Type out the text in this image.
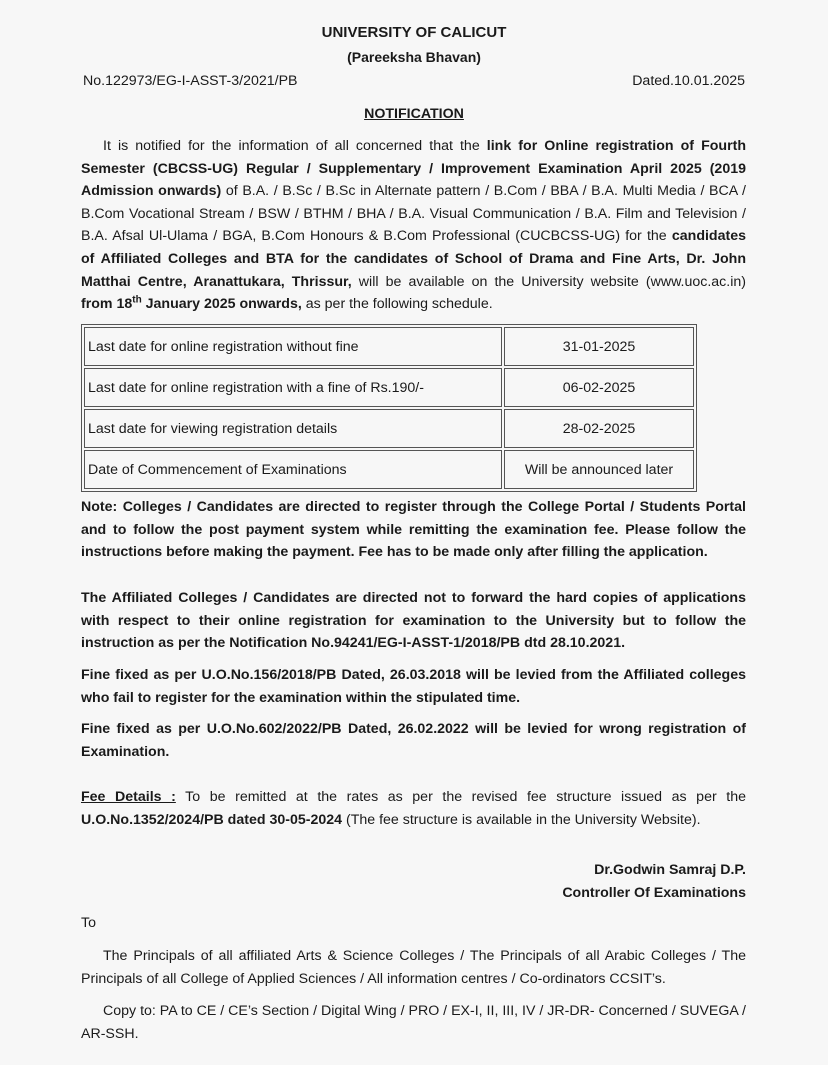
UNIVERSITY OF CALICUT
(Pareeksha Bhavan)
No.122973/EG-I-ASST-3/2021/PB	Dated.10.01.2025
NOTIFICATION
It is notified for the information of all concerned that the link for Online registration of Fourth Semester (CBCSS-UG) Regular / Supplementary / Improvement Examination April 2025 (2019 Admission onwards) of B.A. / B.Sc / B.Sc in Alternate pattern / B.Com / BBA / B.A. Multi Media / BCA / B.Com Vocational Stream / BSW / BTHM / BHA / B.A. Visual Communication / B.A. Film and Television / B.A. Afsal Ul-Ulama / BGA, B.Com Honours & B.Com Professional (CUCBCSS-UG) for the candidates of Affiliated Colleges and BTA for the candidates of School of Drama and Fine Arts, Dr. John Matthai Centre, Aranattukara, Thrissur, will be available on the University website (www.uoc.ac.in) from 18th January 2025 onwards, as per the following schedule.
Last date for online registration without fine	31-01-2025
Last date for online registration with a fine of Rs.190/-	06-02-2025
Last date for viewing registration details	28-02-2025
Date of Commencement of Examinations	Will be announced later
Note: Colleges / Candidates are directed to register through the College Portal / Students Portal and to follow the post payment system while remitting the examination fee. Please follow the instructions before making the payment. Fee has to be made only after filling the application.
The Affiliated Colleges / Candidates are directed not to forward the hard copies of applications with respect to their online registration for examination to the University but to follow the instruction as per the Notification No.94241/EG-I-ASST-1/2018/PB dtd 28.10.2021.
Fine fixed as per U.O.No.156/2018/PB Dated, 26.03.2018 will be levied from the Affiliated colleges who fail to register for the examination within the stipulated time.
Fine fixed as per U.O.No.602/2022/PB Dated, 26.02.2022 will be levied for wrong registration of Examination.
Fee Details : To be remitted at the rates as per the revised fee structure issued as per the U.O.No.1352/2024/PB dated 30-05-2024 (The fee structure is available in the University Website).
Dr.Godwin Samraj D.P.
Controller Of Examinations
To
The Principals of all affiliated Arts & Science Colleges / The Principals of all Arabic Colleges / The Principals of all College of Applied Sciences / All information centres / Co-ordinators CCSIT’s.
Copy to: PA to CE / CE’s Section / Digital Wing / PRO / EX-I, II, III, IV / JR-DR- Concerned / SUVEGA / AR-SSH.
